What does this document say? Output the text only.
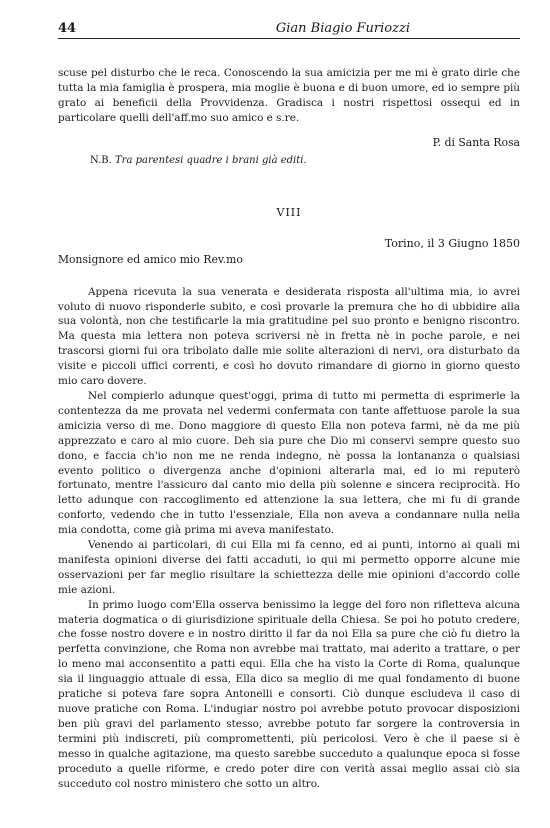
44	Gian Biagio Furiozzi

scuse pel disturbo che le reca. Conoscendo la sua amicizia per me mi è grato dirle che tutta la mia famiglia è prospera, mia moglie è buona e di buon umore, ed io sempre più grato ai beneficii della Provvidenza. Gradisca i nostri rispettosi ossequi ed in particolare quelli dell'aff.mo suo amico e s.re.

P. di Santa Rosa
N.B. Tra parentesi quadre i brani già editi.
VIII
Torino, il 3 Giugno 1850
Monsignore ed amico mio Rev.mo

Appena ricevuta la sua venerata e desiderata risposta all'ultima mia, io avrei voluto di nuovo risponderle subito, e così provarle la premura che ho di ubbidire alla sua volontà, non che testificarle la mia gratitudine pel suo pronto e benigno riscontro. Ma questa mia lettera non poteva scriversi nè in fretta nè in poche parole, e nei trascorsi giorni fui ora tribolato dalle mie solite alterazioni di nervi, ora disturbato da visite e piccoli uffici correnti, e così ho dovuto rimandare di giorno in giorno questo mio caro dovere.

Nel compierlo adunque quest'oggi, prima di tutto mi permetta di esprimerle la contentezza da me provata nel vedermi confermata con tante affettuose parole la sua amicizia verso di me. Dono maggiore di questo Ella non poteva farmi, nè da me più apprezzato e caro al mio cuore. Deh sia pure che Dio mi conservi sempre questo suo dono, e faccia ch'io non me ne renda indegno, nè possa la lontananza o qualsiasi evento politico o divergenza anche d'opinioni alterarla mai, ed io mi reputerò fortunato, mentre l'assicuro dal canto mio della più solenne e sincera reciprocità. Ho letto adunque con raccoglimento ed attenzione la sua lettera, che mi fu di grande conforto, vedendo che in tutto l'essenziale, Ella non aveva a condannare nulla nella mia condotta, come già prima mi aveva manifestato.

Venendo ai particolari, di cui Ella mi fa cenno, ed ai punti, intorno ai quali mi manifesta opinioni diverse dei fatti accaduti, io qui mi permetto opporre alcune mie osservazioni per far meglio risultare la schiettezza delle mie opinioni d'accordo colle mie azioni.

In primo luogo com'Ella osserva benissimo la legge del foro non rifletteva alcuna materia dogmatica o di giurisdizione spirituale della Chiesa. Se poi ho potuto credere, che fosse nostro dovere e in nostro diritto il far da noi Ella sa pure che ciò fu dietro la perfetta convinzione, che Roma non avrebbe mai trattato, mai aderito a trattare, o per lo meno mai acconsentito a patti equi. Ella che ha visto la Corte di Roma, qualunque sia il linguaggio attuale di essa, Ella dico sa meglio di me qual fondamento di buone pratiche si poteva fare sopra Antonelli e consorti. Ciò dunque escludeva il caso di nuove pratiche con Roma. L'indugiar nostro poi avrebbe potuto provocar disposizioni ben più gravi del parlamento stesso, avrebbe potuto far sorgere la controversia in termini più indiscreti, più compromettenti, più pericolosi. Vero è che il paese si è messo in qualche agitazione, ma questo sarebbe succeduto a qualunque epoca si fosse proceduto a quelle riforme, e credo poter dire con verità assai meglio assai ciò sia succeduto col nostro ministero che sotto un altro.
